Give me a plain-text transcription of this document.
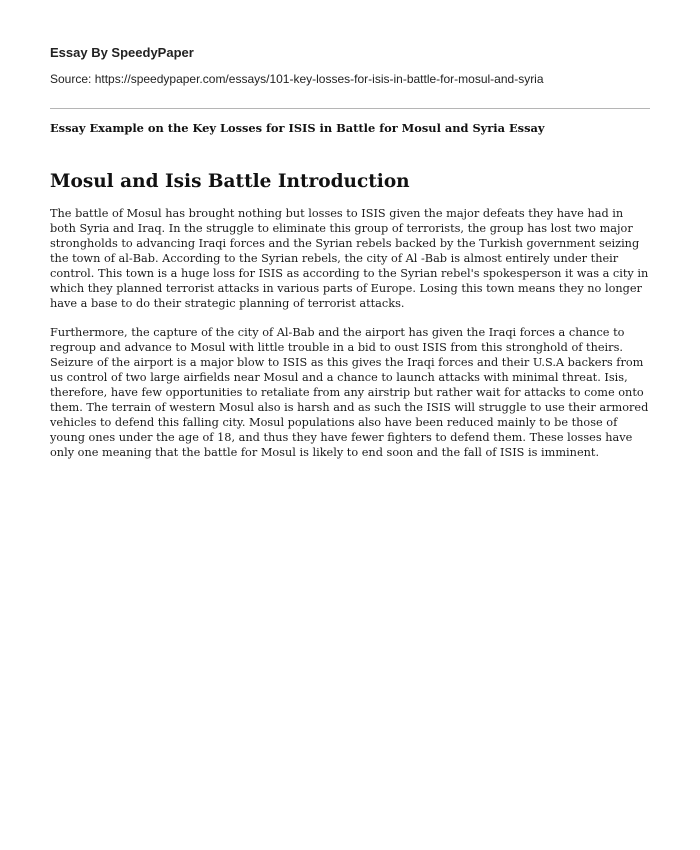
Essay By SpeedyPaper
Source: https://speedypaper.com/essays/101-key-losses-for-isis-in-battle-for-mosul-and-syria
Essay Example on the Key Losses for ISIS in Battle for Mosul and Syria Essay
Mosul and Isis Battle Introduction

The battle of Mosul has brought nothing but losses to ISIS given the major defeats they have had in both Syria and Iraq. In the struggle to eliminate this group of terrorists, the group has lost two major strongholds to advancing Iraqi forces and the Syrian rebels backed by the Turkish government seizing the town of al-Bab. According to the Syrian rebels, the city of Al -Bab is almost entirely under their control. This town is a huge loss for ISIS as according to the Syrian rebel's spokesperson it was a city in which they planned terrorist attacks in various parts of Europe. Losing this town means they no longer have a base to do their strategic planning of terrorist attacks.

Furthermore, the capture of the city of Al-Bab and the airport has given the Iraqi forces a chance to regroup and advance to Mosul with little trouble in a bid to oust ISIS from this stronghold of theirs. Seizure of the airport is a major blow to ISIS as this gives the Iraqi forces and their U.S.A backers from us control of two large airfields near Mosul and a chance to launch attacks with minimal threat. Isis, therefore, have few opportunities to retaliate from any airstrip but rather wait for attacks to come onto them. The terrain of western Mosul also is harsh and as such the ISIS will struggle to use their armored vehicles to defend this falling city. Mosul populations also have been reduced mainly to be those of young ones under the age of 18, and thus they have fewer fighters to defend them. These losses have only one meaning that the battle for Mosul is likely to end soon and the fall of ISIS is imminent.
